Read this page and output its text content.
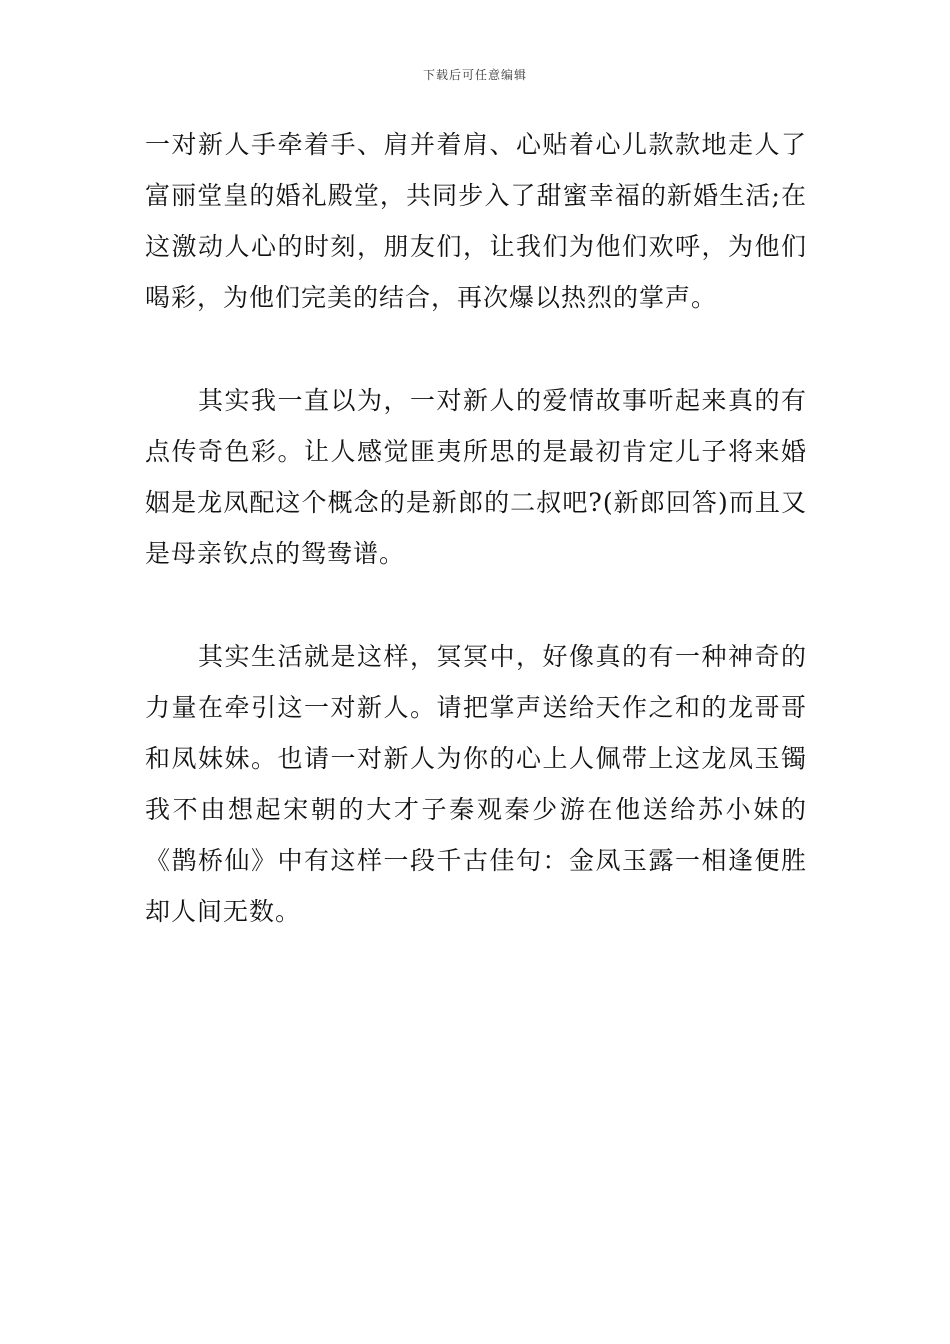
下载后可任意编辑
一对新人手牵着手、肩并着肩、心贴着心儿款款地走人了
富丽堂皇的婚礼殿堂，共同步入了甜蜜幸福的新婚生活;在
这激动人心的时刻，朋友们，让我们为他们欢呼，为他们
喝彩，为他们完美的结合，再次爆以热烈的掌声。
　　其实我一直以为，一对新人的爱情故事听起来真的有
点传奇色彩。让人感觉匪夷所思的是最初肯定儿子将来婚
姻是龙凤配这个概念的是新郎的二叔吧?(新郎回答)而且又
是母亲钦点的鸳鸯谱。
　　其实生活就是这样，冥冥中，好像真的有一种神奇的
力量在牵引这一对新人。请把掌声送给天作之和的龙哥哥
和凤妹妹。也请一对新人为你的心上人佩带上这龙凤玉镯
我不由想起宋朝的大才子秦观秦少游在他送给苏小妹的
《鹊桥仙》中有这样一段千古佳句：金凤玉露一相逢便胜
却人间无数。
